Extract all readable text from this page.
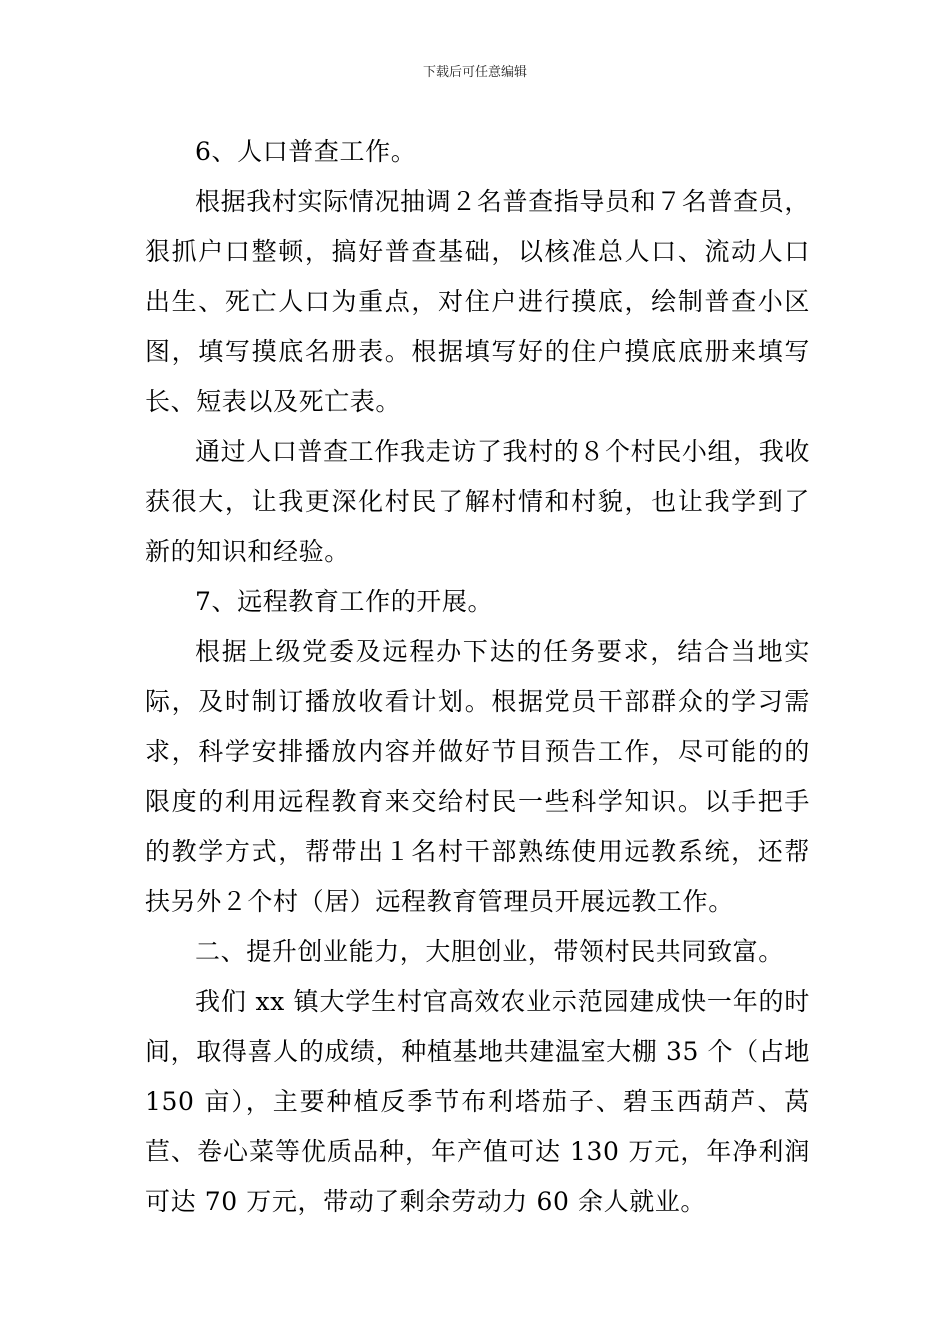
下载后可任意编辑

6、人口普查工作。

根据我村实际情况抽调２名普查指导员和７名普查员，狠抓户口整顿，搞好普查基础，以核准总人口、流动人口出生、死亡人口为重点，对住户进行摸底，绘制普查小区图，填写摸底名册表。根据填写好的住户摸底底册来填写长、短表以及死亡表。

通过人口普查工作我走访了我村的８个村民小组，我收获很大，让我更深化村民了解村情和村貌，也让我学到了新的知识和经验。

7、远程教育工作的开展。

根据上级党委及远程办下达的任务要求，结合当地实际，及时制订播放收看计划。根据党员干部群众的学习需求，科学安排播放内容并做好节目预告工作，尽可能的的限度的利用远程教育来交给村民一些科学知识。以手把手的教学方式，帮带出１名村干部熟练使用远教系统，还帮扶另外２个村（居）远程教育管理员开展远教工作。

二、提升创业能力，大胆创业，带领村民共同致富。

我们 xx 镇大学生村官高效农业示范园建成快一年的时间，取得喜人的成绩，种植基地共建温室大棚 35 个（占地 150 亩），主要种植反季节布利塔茄子、碧玉西葫芦、莴苣、卷心菜等优质品种，年产值可达 130 万元，年净利润可达 70 万元，带动了剩余劳动力 60 余人就业。
